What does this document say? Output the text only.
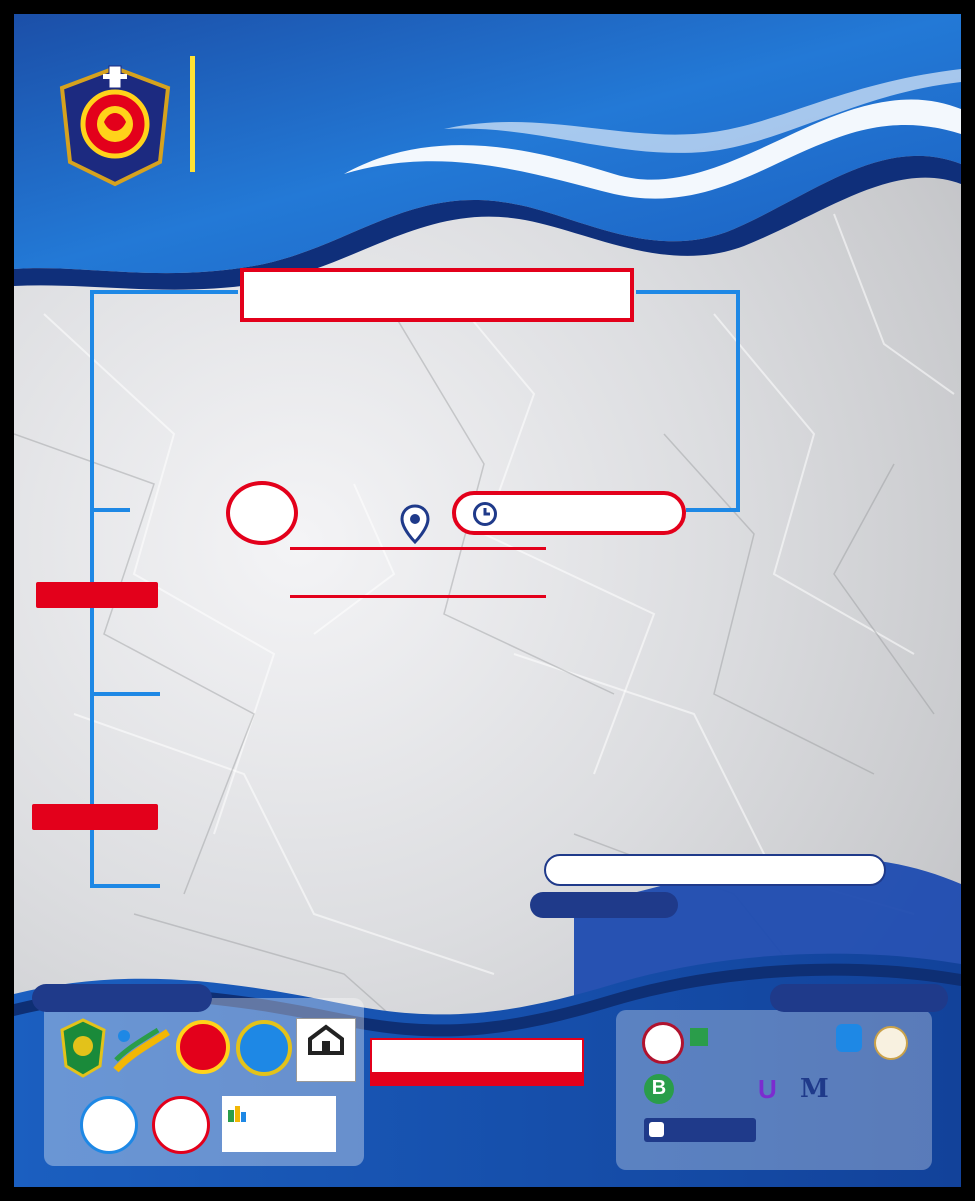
B	U M
